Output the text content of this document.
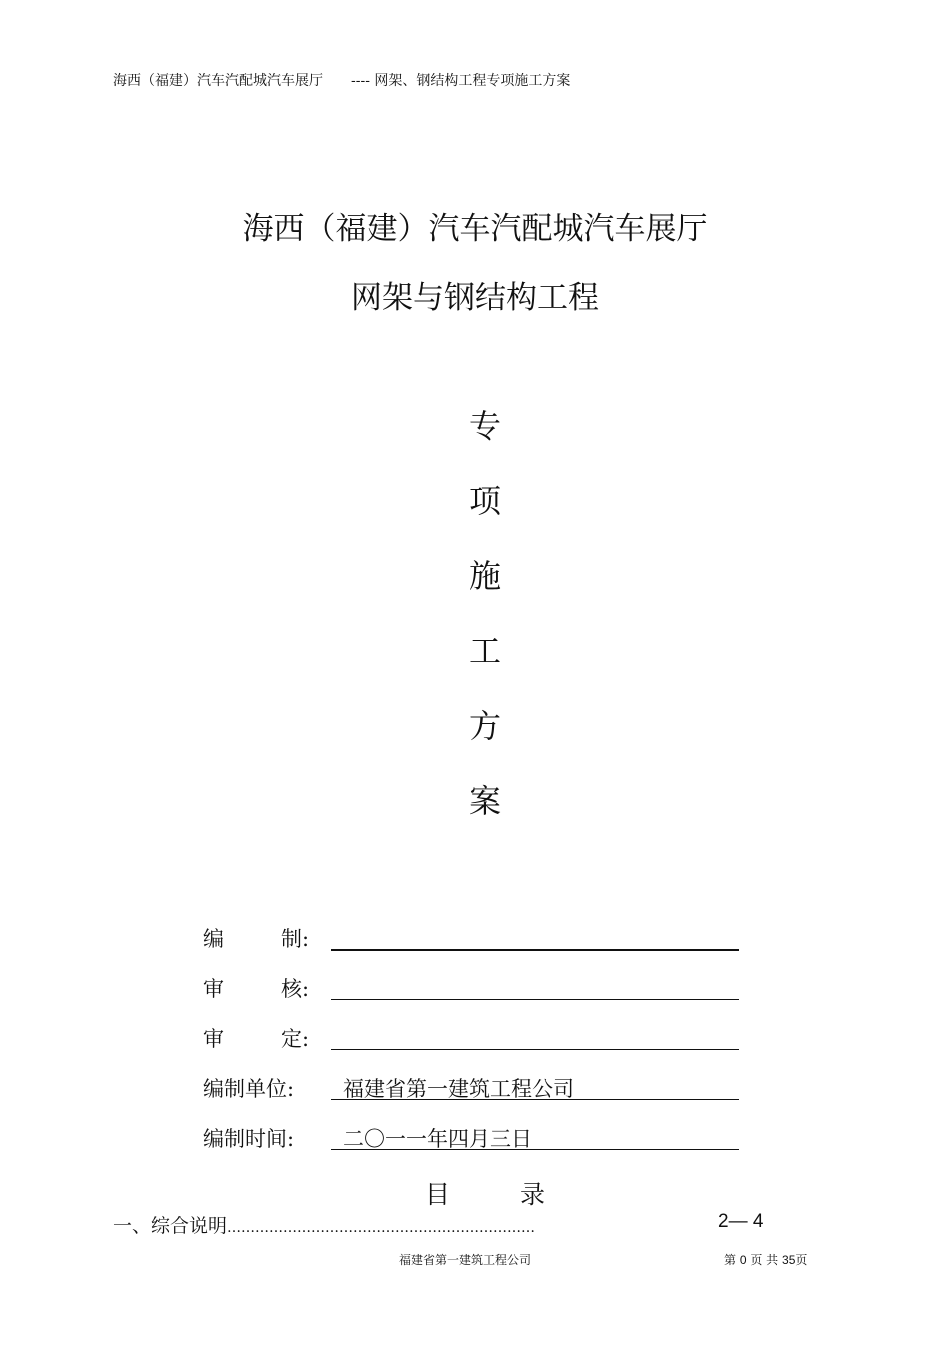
海西（福建）汽车汽配城汽车展厅 ---- 网架、钢结构工程专项施工方案
海西（福建）汽车汽配城汽车展厅
网架与钢结构工程
专
项
施
工
方
案
编	制:
审	核:
审	定:
编制单位: 福建省第一建筑工程公司
编制时间: 二〇一一年四月三日
目	录
一、综合说明…………………………………………………………	2— 4
福建省第一建筑工程公司	第 0 页 共 35页
